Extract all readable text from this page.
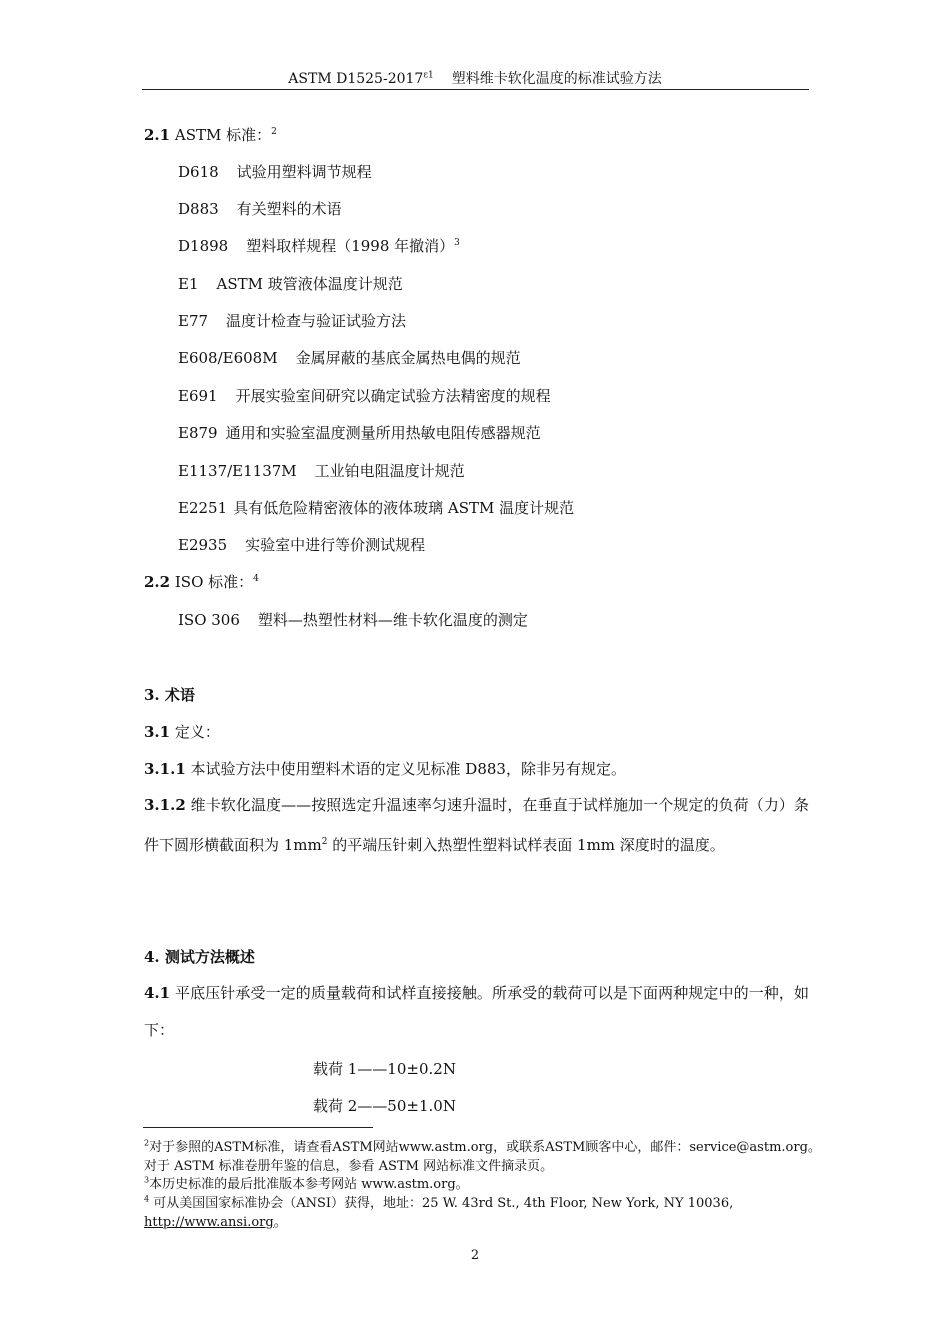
ASTM $D1525-2017^{\varepsilon 1}$ 塑料维卡软化温度的标准试验方法
2.1 ASTM 标准：$^2$
D618 试验用塑料调节规程
D883 有关塑料的术语
D1898 塑料取样规程（1998 年撤消）$^3$
E1 ASTM 玻管液体温度计规范
E77 温度计检查与验证试验方法
E608/E608M 金属屏蔽的基底金属热电偶的规范
E691 开展实验室间研究以确定试验方法精密度的规程
E879 通用和实验室温度测量所用热敏电阻传感器规范
E1137/E1137M 工业铂电阻温度计规范
E2251 具有低危险精密液体的液体玻璃 ASTM 温度计规范
E2935 实验室中进行等价测试规程
2.2 ISO 标准：$^4$
ISO 306 塑料—热塑性材料—维卡软化温度的测定
3. 术语
3.1 定义：
3.1.1 本试验方法中使用塑料术语的定义见标准 D883，除非另有规定。
3.1.2 维卡软化温度——按照选定升温速率匀速升温时，在垂直于试样施加一个规定的负荷（力）条件下圆形横截面积为 $1mm^2$ 的平端压针刺入热塑性塑料试样表面 1mm 深度时的温度。
4. 测试方法概述
4.1 平底压针承受一定的质量载荷和试样直接接触。所承受的载荷可以是下面两种规定中的一种，如下：
载荷 1——10±0.2N
载荷 2——50±1.0N
$^2$对于参照的ASTM标准，请查看ASTM网站www.astm.org，或联系ASTM顾客中心，邮件：service@astm.org。
对于 ASTM 标准卷册年鉴的信息，参看 ASTM 网站标准文件摘录页。
$^3$本历史标准的最后批准版本参考网站 www.astm.org。
$^4$ 可从美国国家标准协会（ANSI）获得，地址：25 W. 43rd St., 4th Floor, New York, NY 10036,
http://www.ansi.org。
2
